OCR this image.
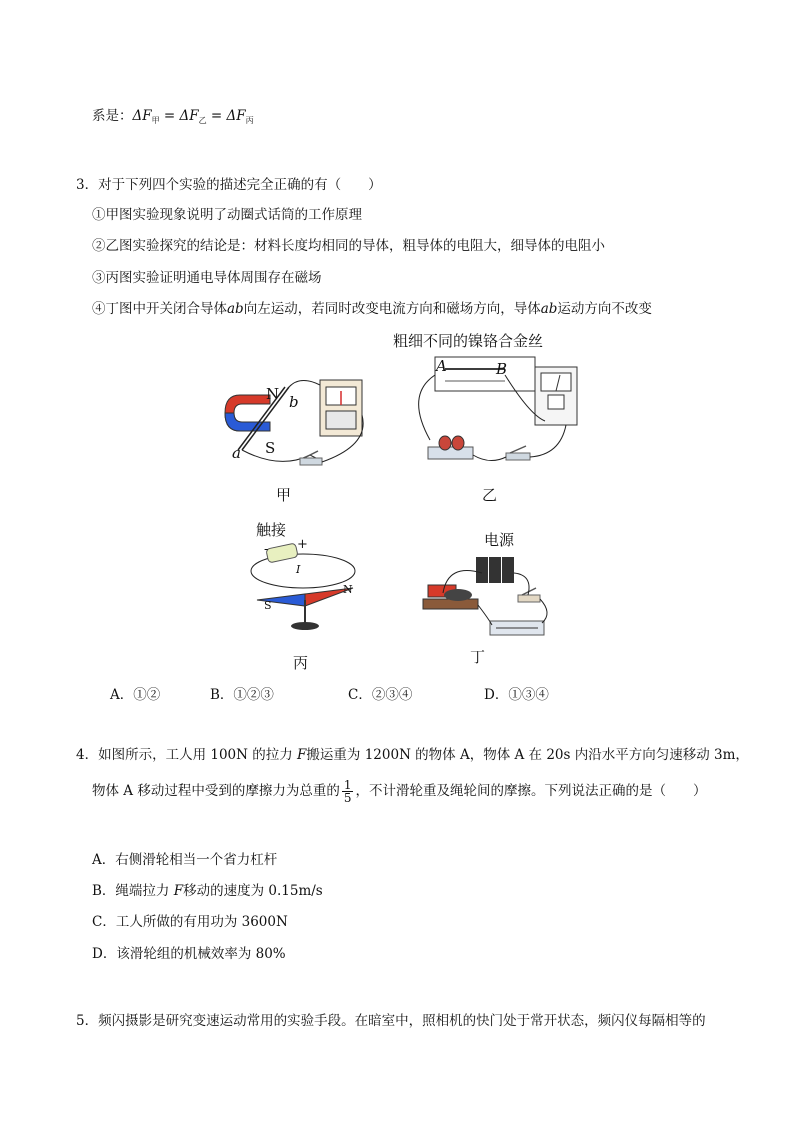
系是：$\Delta F_甲 = \Delta F_乙 = \Delta F_丙$
3．对于下列四个实验的描述完全正确的有（　　）
①甲图实验现象说明了动圈式话筒的工作原理
②乙图实验探究的结论是：材料长度均相同的导体，粗导体的电阻大，细导体的电阻小
③丙图实验证明通电导体周围存在磁场
④丁图中开关闭合导体ab向左运动，若同时改变电流方向和磁场方向，导体ab运动方向不改变
N
S
a
b
甲
粗细不同的镍铬合金丝
A	B
乙
触接
- +
I
S
N
丙
电源
丁
A．①②	B．①②③	C．②③④	D．①③④
4．如图所示，工人用 100N 的拉力 F搬运重为 1200N 的物体 A，物体 A 在 20s 内沿水平方向匀速移动 3m，
物体 A 移动过程中受到的摩擦力为总重的 $\frac{1}{5}$ ，不计滑轮重及绳轮间的摩擦。下列说法正确的是（　　）
A．右侧滑轮相当一个省力杠杆
B．绳端拉力 F移动的速度为 0.15m/s
C．工人所做的有用功为 3600N
D．该滑轮组的机械效率为 80%
5．频闪摄影是研究变速运动常用的实验手段。在暗室中，照相机的快门处于常开状态，频闪仪每隔相等的
